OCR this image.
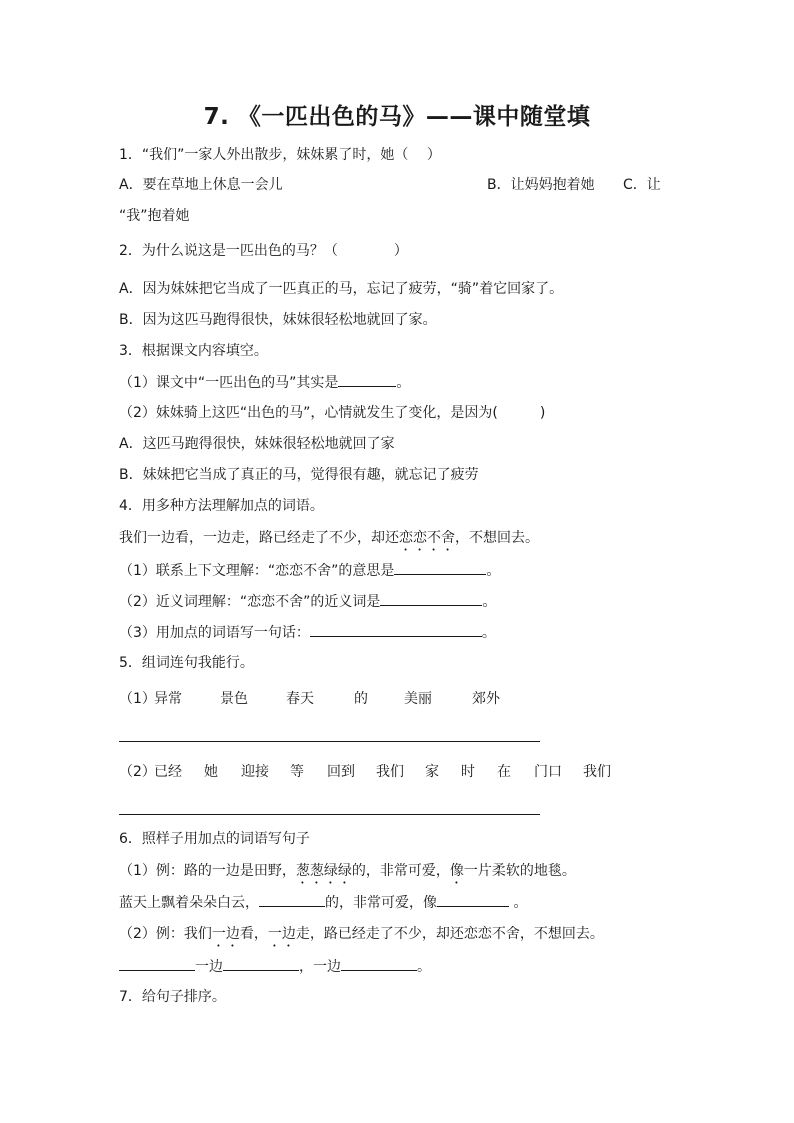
7. 《一匹出色的马》——课中随堂填
1．“我们”一家人外出散步，妹妹累了时，她（　 ）
A．要在草地上休息一会儿	B．让妈妈抱着她 C．让
“我”抱着她
2．为什么说这是一匹出色的马？（　　　　）
A．因为妹妹把它当成了一匹真正的马，忘记了疲劳，“骑”着它回家了。
B．因为这匹马跑得很快，妹妹很轻松地就回了家。
3．根据课文内容填空。
（1）课文中“一匹出色的马”其实是	。
（2）妹妹骑上这匹“出色的马”，心情就发生了变化，是因为(　　　)
A．这匹马跑得很快，妹妹很轻松地就回了家
B．妹妹把它当成了真正的马，觉得很有趣，就忘记了疲劳
4．用多种方法理解加点的词语。
我们一边看，一边走，路已经走了不少，却还恋恋不舍，不想回去。
（1）联系上下文理解：“恋恋不舍”的意思是	。
（2）近义词理解：“恋恋不舍”的近义词是	。
（3）用加点的词语写一句话：	。
5．组词连句我能行。
（1）
异常	景色	春天	的	美丽	郊外
（2）
已经 她 迎接 等 回到 我们 家 时 在 门口 我们
6．照样子用加点的词语写句子
（1）例：路的一边是田野，葱葱绿绿的，非常可爱，像一片柔软的地毯。
蓝天上飘着朵朵白云，	的，非常可爱，像	。
（2）例：我们一边看，一边走，路已经走了不少，却还恋恋不舍，不想回去。
一边	，一边	。
7．给句子排序。
